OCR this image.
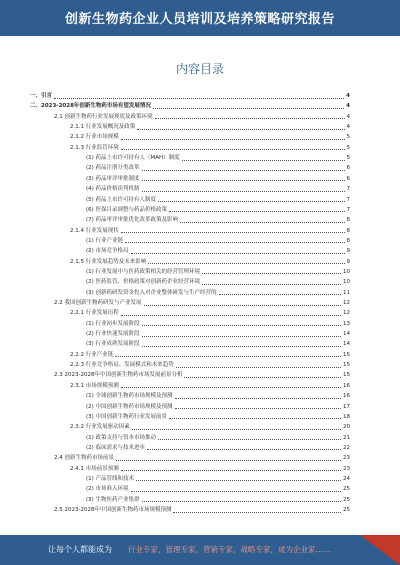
创新生物药企业人员培训及培养策略研究报告
内容目录
一、引言	4
二、2023-2028年创新生物药市场有望发展情况	4
2.1 创新生物药行业发展现状及政策环境	4
2.1.1 行业发展概况及政策	4
2.1.2 行业市场规模	5
2.1.3 行业监管环境	5
(1) 药品上市许可持有人（MAH）制度	5
(2) 药品注册分类改革	6
(3) 药品审评审批制度	6
(4) 药品价格谈判机制	7
(5) 药品上市许可持有人制度	7
(6) 医保目录调整与药品价格政策	7
(7) 药品审评审批优化改革政策及影响	8
2.1.4 行业发展现状	8
(1) 行业产业链	8
(2) 市场竞争格局	9
2.1.5 行业发展趋势及未来影响	9
(1) 行业发展中与医药政策相关的经营管理环境	10
(2) 医药监管、价格政策对创新药企业经营环境	10
(3) 创新药研发资金投入对企业整体研发与生产经营的	11
2.2 我国创新生物药研发与产业发展	12
2.2.1 行业发展历程	12
(1) 行业初步发展阶段	13
(2) 行业快速发展阶段	14
(3) 行业成熟发展阶段	14
2.2.2 行业产业链	15
2.2.3 行业竞争格局、发展模式和未来趋势	15
2.3 2023-2028年中国创新生物药市场发展前景分析	15
2.3.1 市场规模预测	16
(1) 全球创新生物药市场规模及预测	16
(2) 中国创新生物药市场规模及预测	17
(3) 中国创新生物药行业发展前景	18
2.3.2 行业发展驱动因素	20
(1) 政策支持与资本市场推动	21
(2) 临床需求与技术进步	22
2.4 创新生物药市场前景	23
2.4.1 市场前景预测	23
(1) 产品管线和技术	24
(2) 市场准入环境	25
(3) 生物医药产业集群	25
2.5 2023-2028年中国创新生物药市场规模预测	25
让每个人都能成为 行业专家，管理专家，营销专家，战略专家，成为企业家……
